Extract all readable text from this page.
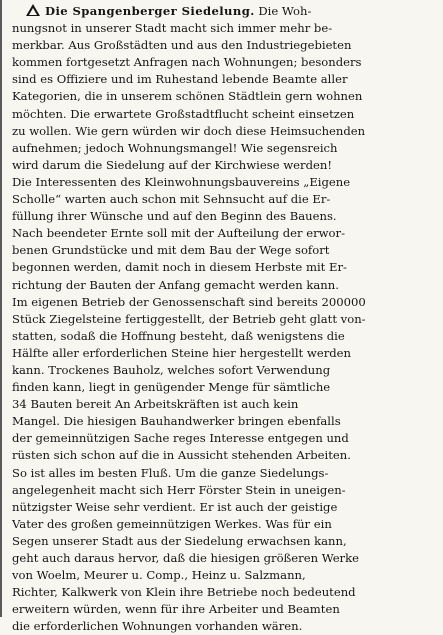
Die Spangenberger Siedelung. Die Woh-
nungsnot in unserer Stadt macht sich immer mehr be-
merkbar. Aus Großstädten und aus den Industriegebieten
kommen fortgesetzt Anfragen nach Wohnungen; besonders
sind es Offiziere und im Ruhestand lebende Beamte aller
Kategorien, die in unserem schönen Städtlein gern wohnen
möchten. Die erwartete Großstadtflucht scheint einsetzen
zu wollen. Wie gern würden wir doch diese Heimsuchenden
aufnehmen; jedoch Wohnungsmangel! Wie segensreich
wird darum die Siedelung auf der Kirchwiese werden!
Die Interessenten des Kleinwohnungsbauvereins „Eigene
Scholle“ warten auch schon mit Sehnsucht auf die Er-
füllung ihrer Wünsche und auf den Beginn des Bauens.
Nach beendeter Ernte soll mit der Aufteilung der erwor-
benen Grundstücke und mit dem Bau der Wege sofort
begonnen werden, damit noch in diesem Herbste mit Er-
richtung der Bauten der Anfang gemacht werden kann.
Im eigenen Betrieb der Genossenschaft sind bereits 200000
Stück Ziegelsteine fertiggestellt, der Betrieb geht glatt von-
statten, sodaß die Hoffnung besteht, daß wenigstens die
Hälfte aller erforderlichen Steine hier hergestellt werden
kann. Trockenes Bauholz, welches sofort Verwendung
finden kann, liegt in genügender Menge für sämtliche
34 Bauten bereit An Arbeitskräften ist auch kein
Mangel. Die hiesigen Bauhandwerker bringen ebenfalls
der gemeinnützigen Sache reges Interesse entgegen und
rüsten sich schon auf die in Aussicht stehenden Arbeiten.
So ist alles im besten Fluß. Um die ganze Siedelungs-
angelegenheit macht sich Herr Förster Stein in uneigen-
nützigster Weise sehr verdient. Er ist auch der geistige
Vater des großen gemeinnützigen Werkes. Was für ein
Segen unserer Stadt aus der Siedelung erwachsen kann,
geht auch daraus hervor, daß die hiesigen größeren Werke
von Woelm, Meurer u. Comp., Heinz u. Salzmann,
Richter, Kalkwerk von Klein ihre Betriebe noch bedeutend
erweitern würden, wenn für ihre Arbeiter und Beamten
die erforderlichen Wohnungen vorhanden wären.
